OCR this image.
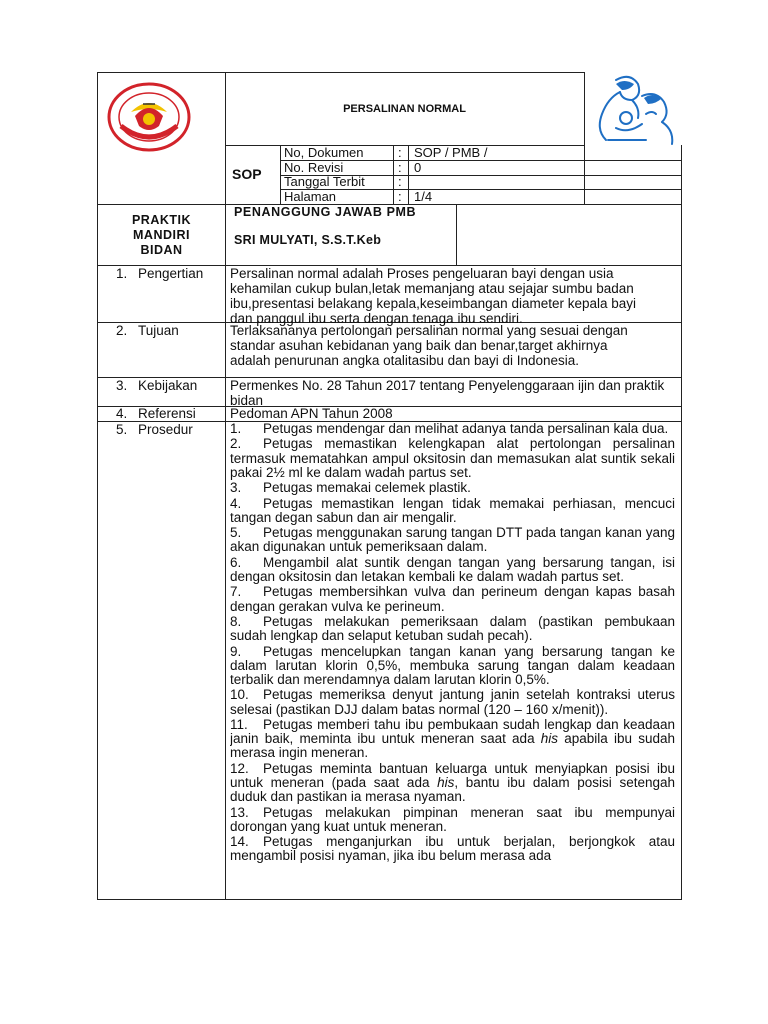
PERSALINAN NORMAL
SOP
No, Dokumen	: SOP / PMB /
No. Revisi	: 0
Tanggal Terbit	:
Halaman	: 1/4
PRAKTIK
MANDIRI
BIDAN
PENANGGUNG JAWAB PMB
SRI MULYATI, S.S.T.Keb
1. Pengertian Persalinan normal adalah Proses pengeluaran bayi dengan usia kehamilan cukup bulan,letak memanjang atau sejajar sumbu badan ibu,presentasi belakang kepala,keseimbangan diameter kepala bayi dan panggul ibu serta dengan tenaga ibu sendiri.
2. Tujuan	Terlaksananya pertolongan persalinan normal yang sesuai dengan standar asuhan kebidanan yang baik dan benar,target akhirnya adalah penurunan angka otalitasibu dan bayi di Indonesia.
3. Kebijakan Permenkes No. 28 Tahun 2017 tentang Penyelenggaraan ijin dan praktik bidan
4. Referensi	Pedoman APN Tahun 2008
5. Prosedur	1. Petugas mendengar dan melihat adanya tanda persalinan kala dua.
2. Petugas memastikan kelengkapan alat pertolongan persalinan termasuk mematahkan ampul oksitosin dan memasukan alat suntik sekali pakai 2½ ml ke dalam wadah partus set.
3. Petugas memakai celemek plastik.
4. Petugas memastikan lengan tidak memakai perhiasan, mencuci tangan degan sabun dan air mengalir.
5. Petugas menggunakan sarung tangan DTT pada tangan kanan yang akan digunakan untuk pemeriksaan dalam.
6. Mengambil alat suntik dengan tangan yang bersarung tangan, isi dengan oksitosin dan letakan kembali ke dalam wadah partus set.
7. Petugas membersihkan vulva dan perineum dengan kapas basah dengan gerakan vulva ke perineum.
8. Petugas melakukan pemeriksaan dalam (pastikan pembukaan sudah lengkap dan selaput ketuban sudah pecah).
9. Petugas mencelupkan tangan kanan yang bersarung tangan ke dalam larutan klorin 0,5%, membuka sarung tangan dalam keadaan terbalik dan merendamnya dalam larutan klorin 0,5%.
10. Petugas memeriksa denyut jantung janin setelah kontraksi uterus selesai (pastikan DJJ dalam batas normal (120 – 160 x/menit)).
11. Petugas memberi tahu ibu pembukaan sudah lengkap dan keadaan janin baik, meminta ibu untuk meneran saat ada his apabila ibu sudah merasa ingin meneran.
12. Petugas meminta bantuan keluarga untuk menyiapkan posisi ibu untuk meneran (pada saat ada his, bantu ibu dalam posisi setengah duduk dan pastikan ia merasa nyaman.
13. Petugas melakukan pimpinan meneran saat ibu mempunyai dorongan yang kuat untuk meneran.
14. Petugas menganjurkan ibu untuk berjalan, berjongkok atau mengambil posisi nyaman, jika ibu belum merasa ada
